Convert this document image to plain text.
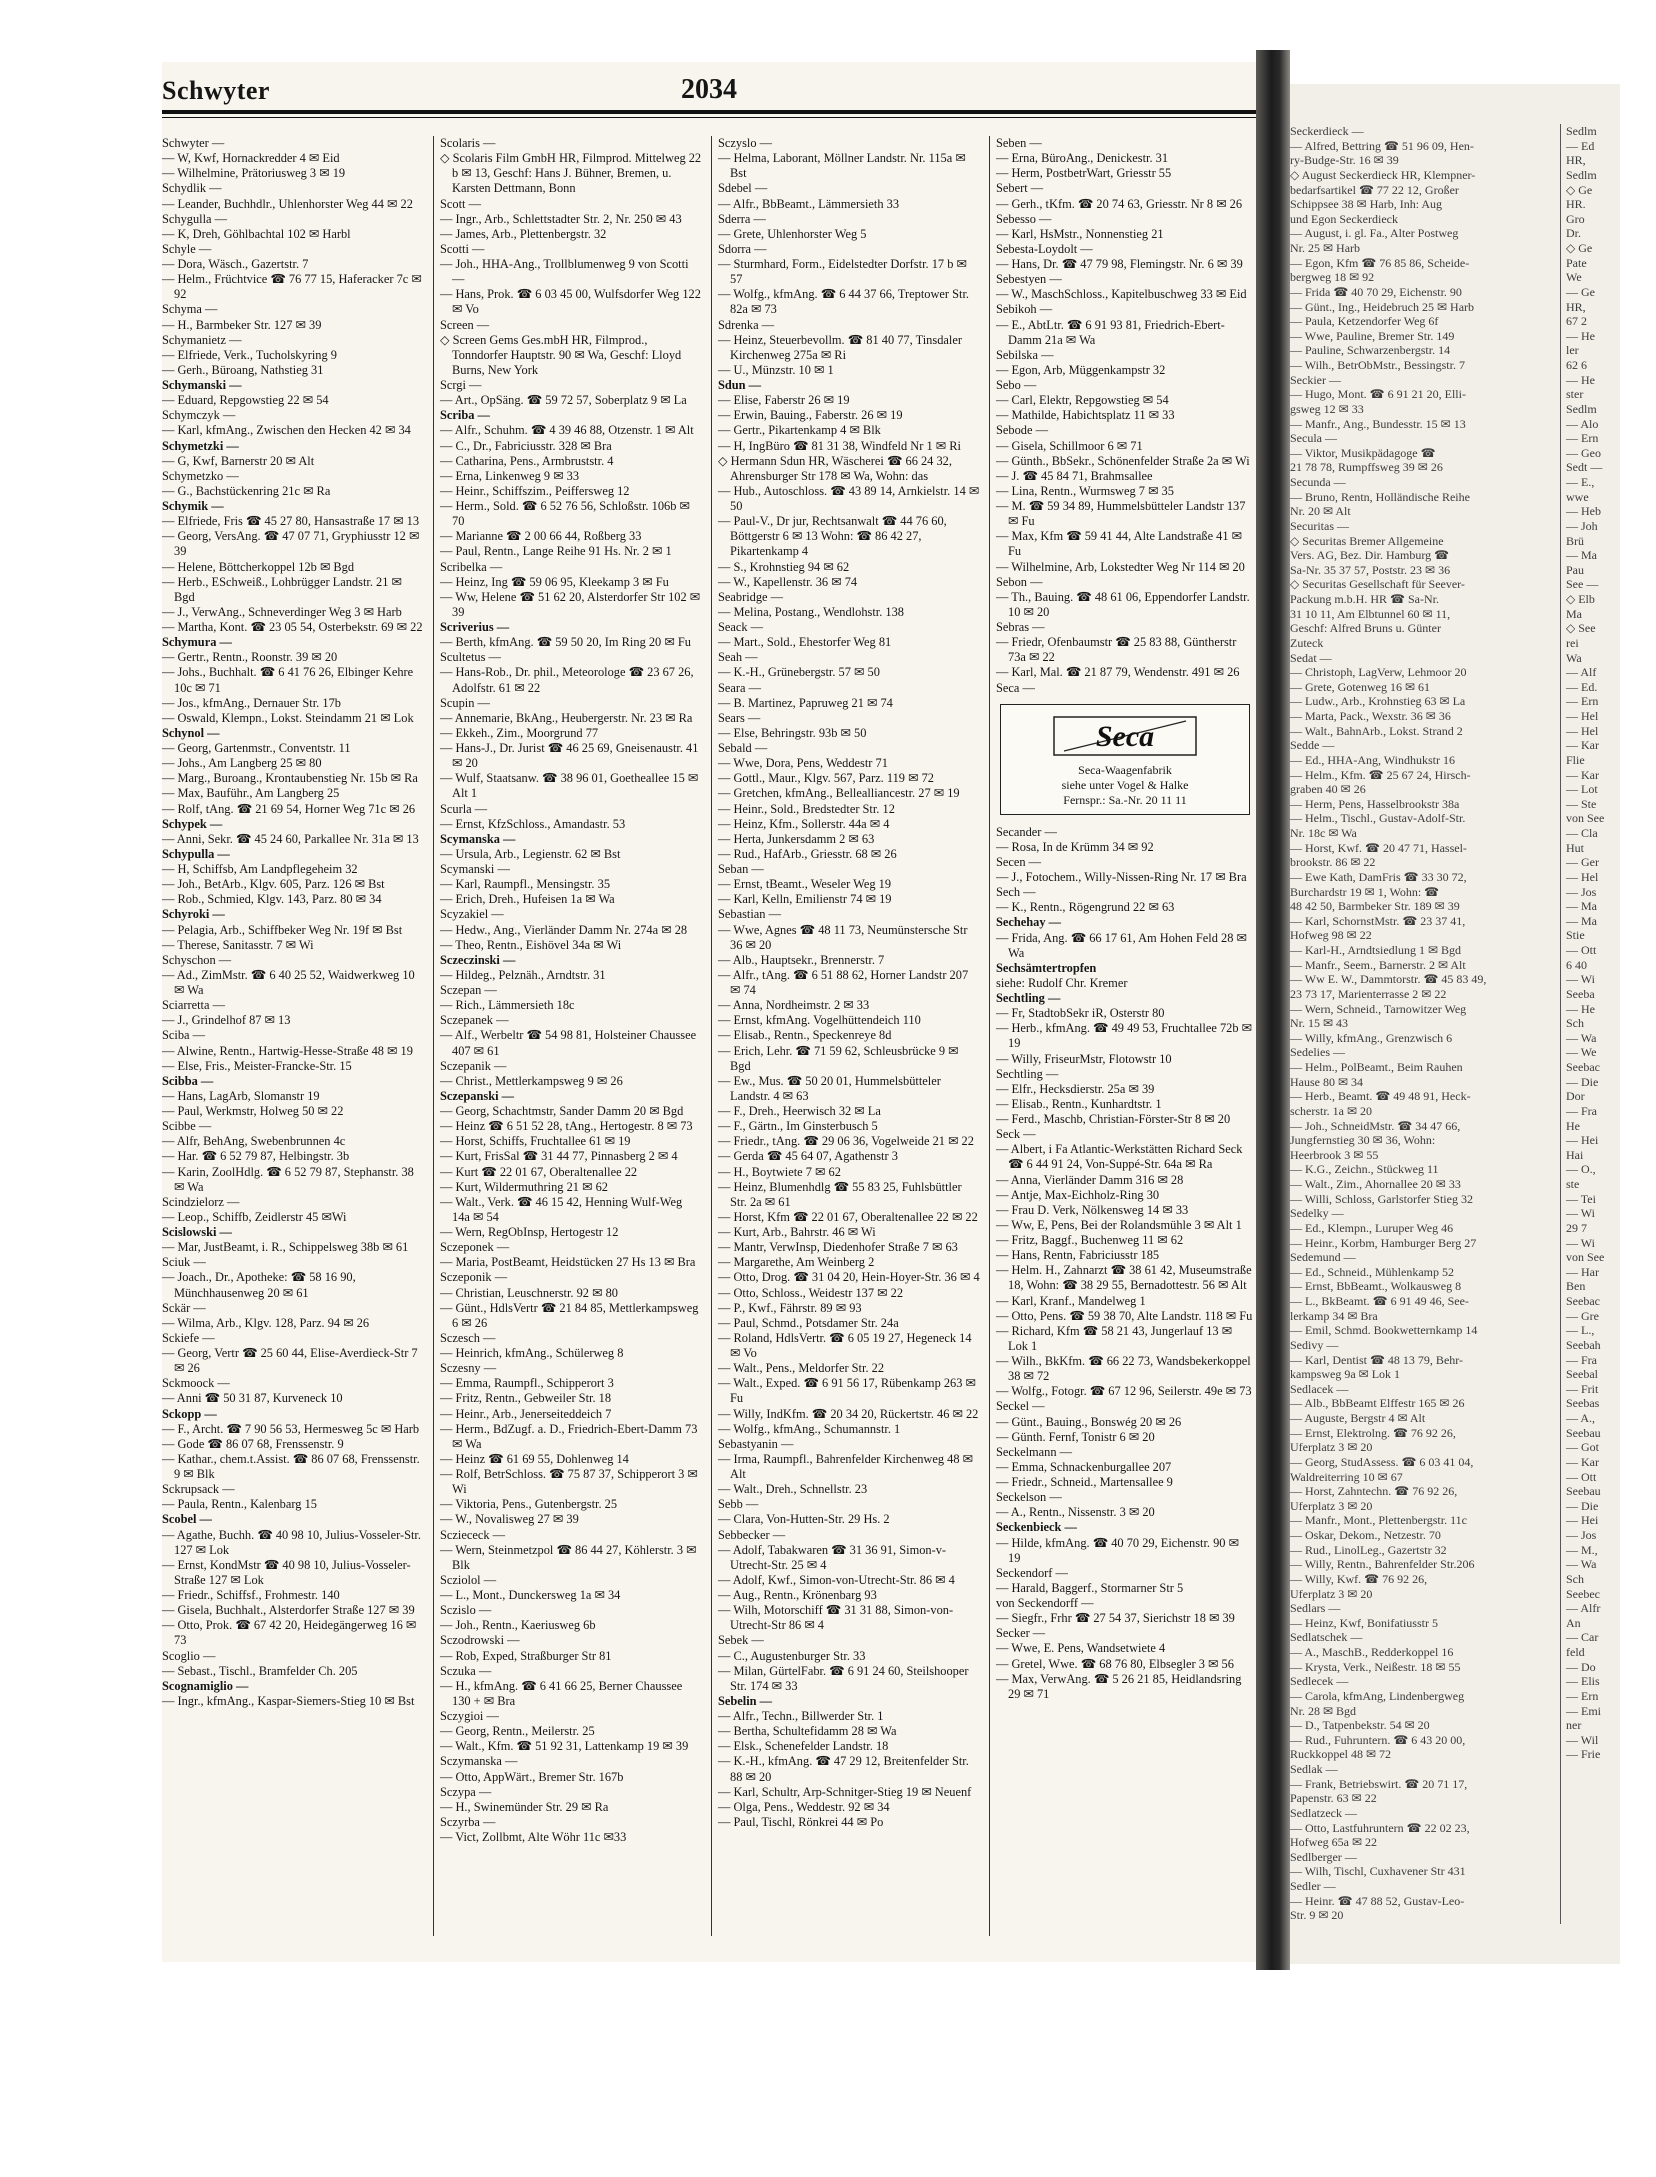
Schwyter	2034
Schwyter —
— W, Kwf, Hornackredder 4 ✉ Eid
— Wilhelmine, Prätoriusweg 3 ✉ 19
Schydlik —
— Leander, Buchhdlr., Uhlenhorster Weg 44 ✉ 22
Schygulla —
— K, Dreh, Göhlbachtal 102 ✉ Harbl
Schyle —
— Dora, Wäsch., Gazertstr. 7
— Helm., Früchtvice ☎ 76 77 15, Haferacker 7c ✉ 92
Schyma —
— H., Barmbeker Str. 127 ✉ 39
Schymanietz —
— Elfriede, Verk., Tucholskyring 9
— Gerh., Büroang, Nathstieg 31
Schymanski —
— Eduard, Repgowstieg 22 ✉ 54
Schymczyk —
— Karl, kfmAng., Zwischen den Hecken 42 ✉ 34
Schymetzki —
— G, Kwf, Barnerstr 20 ✉ Alt
Schymetzko —
— G., Bachstückenring 21c ✉ Ra
Schymik —
— Elfriede, Fris ☎ 45 27 80, Hansastraße 17 ✉ 13
— Georg, VersAng. ☎ 47 07 71, Gryphiusstr 12 ✉ 39
— Helene, Böttcherkoppel 12b ✉ Bgd
— Herb., ESchweiß., Lohbrügger Landstr. 21 ✉ Bgd
— J., VerwAng., Schneverdinger Weg 3 ✉ Harb
— Martha, Kont. ☎ 23 05 54, Osterbekstr. 69 ✉ 22
Schymura —
— Gertr., Rentn., Roonstr. 39 ✉ 20
— Johs., Buchhalt. ☎ 6 41 76 26, Elbinger Kehre 10c ✉ 71
— Jos., kfmAng., Dernauer Str. 17b
— Oswald, Klempn., Lokst. Steindamm 21 ✉ Lok
Schynol —
— Georg, Gartenmstr., Conventstr. 11
— Johs., Am Langberg 25 ✉ 80
— Marg., Buroang., Krontaubenstieg Nr. 15b ✉ Ra
— Max, Bauführ., Am Langberg 25
— Rolf, tAng. ☎ 21 69 54, Horner Weg 71c ✉ 26
Schypek —
— Anni, Sekr. ☎ 45 24 60, Parkallee Nr. 31a ✉ 13
Schypulla —
— H, Schiffsb, Am Landpflegeheim 32
— Joh., BetArb., Klgv. 605, Parz. 126 ✉ Bst
— Rob., Schmied, Klgv. 143, Parz. 80 ✉ 34
Schyroki —
— Pelagia, Arb., Schiffbeker Weg Nr. 19f ✉ Bst
— Therese, Sanitasstr. 7 ✉ Wi
Schyschon —
— Ad., ZimMstr. ☎ 6 40 25 52, Waidwerkweg 10 ✉ Wa
Sciarretta —
— J., Grindelhof 87 ✉ 13
Sciba —
— Alwine, Rentn., Hartwig-Hesse-Straße 48 ✉ 19
— Else, Fris., Meister-Francke-Str. 15
Scibba —
— Hans, LagArb, Slomanstr 19
— Paul, Werkmstr, Holweg 50 ✉ 22
Scibbe —
— Alfr, BehAng, Swebenbrunnen 4c
— Har. ☎ 6 52 79 87, Helbingstr. 3b
— Karin, ZoolHdlg. ☎ 6 52 79 87, Stephanstr. 38 ✉ Wa
Scindzielorz —
— Leop., Schiffb, Zeidlerstr 45 ✉Wi
Scislowski —
— Mar, JustBeamt, i. R., Schippelsweg 38b ✉ 61
Sciuk —
— Joach., Dr., Apotheke: ☎ 58 16 90, Münchhausenweg 20 ✉ 61
Sckär —
— Wilma, Arb., Klgv. 128, Parz. 94 ✉ 26
Sckiefe —
— Georg, Vertr ☎ 25 60 44, Elise-Averdieck-Str 7 ✉ 26
Sckmoock —
— Anni ☎ 50 31 87, Kurveneck 10
Sckopp —
— F., Archt. ☎ 7 90 56 53, Hermesweg 5c ✉ Harb
— Gode ☎ 86 07 68, Frenssenstr. 9
— Kathar., chem.t.Assist. ☎ 86 07 68, Frenssenstr. 9 ✉ Blk
Sckrupsack —
— Paula, Rentn., Kalenbarg 15
Scobel —
— Agathe, Buchh. ☎ 40 98 10, Julius-Vosseler-Str. 127 ✉ Lok
— Ernst, KondMstr ☎ 40 98 10, Julius-Vosseler-Straße 127 ✉ Lok
— Friedr., Schiffsf., Frohmestr. 140
— Gisela, Buchhalt., Alsterdorfer Straße 127 ✉ 39
— Otto, Prok. ☎ 67 42 20, Heidegängerweg 16 ✉ 73
Scoglio —
— Sebast., Tischl., Bramfelder Ch. 205
Scognamiglio —
— Ingr., kfmAng., Kaspar-Siemers-Stieg 10 ✉ Bst
Scolaris —
◇ Scolaris Film GmbH HR, Filmprod. Mittelweg 22 b ✉ 13, Geschf: Hans J. Bühner, Bremen, u. Karsten Dettmann, Bonn
Scott —
— Ingr., Arb., Schlettstadter Str. 2, Nr. 250 ✉ 43
— James, Arb., Plettenbergstr. 32
Scotti —
— Joh., HHA-Ang., Trollblumenweg 9 von Scotti —
— Hans, Prok. ☎ 6 03 45 00, Wulfsdorfer Weg 122 ✉ Vo
Screen —
◇ Screen Gems Ges.mbH HR, Filmprod., Tonndorfer Hauptstr. 90 ✉ Wa, Geschf: Lloyd Burns, New York
Scrgi —
— Art., OpSäng. ☎ 59 72 57, Soberplatz 9 ✉ La
Scriba —
— Alfr., Schuhm. ☎ 4 39 46 88, Otzenstr. 1 ✉ Alt
— C., Dr., Fabriciusstr. 328 ✉ Bra
— Catharina, Pens., Armbruststr. 4
— Erna, Linkenweg 9 ✉ 33
— Heinr., Schiffszim., Peiffersweg 12
— Herm., Sold. ☎ 6 52 76 56, Schloßstr. 106b ✉ 70
— Marianne ☎ 2 00 66 44, Roßberg 33
— Paul, Rentn., Lange Reihe 91 Hs. Nr. 2 ✉ 1
Scribelka —
— Heinz, Ing ☎ 59 06 95, Kleekamp 3 ✉ Fu
— Ww, Helene ☎ 51 62 20, Alsterdorfer Str 102 ✉ 39
Scriverius —
— Berth, kfmAng. ☎ 59 50 20, Im Ring 20 ✉ Fu
Scultetus —
— Hans-Rob., Dr. phil., Meteorologe ☎ 23 67 26, Adolfstr. 61 ✉ 22
Scupin —
— Annemarie, BkAng., Heubergerstr. Nr. 23 ✉ Ra
— Ekkeh., Zim., Moorgrund 77
— Hans-J., Dr. Jurist ☎ 46 25 69, Gneisenaustr. 41 ✉ 20
— Wulf, Staatsanw. ☎ 38 96 01, Goetheallee 15 ✉ Alt 1
Scurla —
— Ernst, KfzSchloss., Amandastr. 53
Scymanska —
— Ursula, Arb., Legienstr. 62 ✉ Bst
Scymanski —
— Karl, Raumpfl., Mensingstr. 35
— Erich, Dreh., Hufeisen 1a ✉ Wa
Scyzakiel —
— Hedw., Ang., Vierländer Damm Nr. 274a ✉ 28
— Theo, Rentn., Eishövel 34a ✉ Wi
Sczeczinski —
— Hildeg., Pelznäh., Arndtstr. 31
Sczepan —
— Rich., Lämmersieth 18c
Sczepanek —
— Alf., Werbeltr ☎ 54 98 81, Holsteiner Chaussee 407 ✉ 61
Sczepanik —
— Christ., Mettlerkampsweg 9 ✉ 26
Sczepanski —
— Georg, Schachtmstr, Sander Damm 20 ✉ Bgd
— Heinz ☎ 6 51 52 28, tAng., Hertogestr. 8 ✉ 73
— Horst, Schiffs, Fruchtallee 61 ✉ 19
— Kurt, FrisSal ☎ 31 44 77, Pinnasberg 2 ✉ 4
— Kurt ☎ 22 01 67, Oberaltenallee 22
— Kurt, Wildermuthring 21 ✉ 62
— Walt., Verk. ☎ 46 15 42, Henning Wulf-Weg 14a ✉ 54
— Wern, RegObInsp, Hertogestr 12
Sczeponek —
— Maria, PostBeamt, Heidstücken 27 Hs 13 ✉ Bra
Sczeponik —
— Christian, Leuschnerstr. 92 ✉ 80
— Günt., HdlsVertr ☎ 21 84 85, Mettlerkampsweg 6 ✉ 26
Sczesch —
— Heinrich, kfmAng., Schülerweg 8
Sczesny —
— Emma, Raumpfl., Schipperort 3
— Fritz, Rentn., Gebweiler Str. 18
— Heinr., Arb., Jenerseiteddeich 7
— Herm., BdZugf. a. D., Friedrich-Ebert-Damm 73 ✉ Wa
— Heinz ☎ 61 69 55, Dohlenweg 14
— Rolf, BetrSchloss. ☎ 75 87 37, Schipperort 3 ✉ Wi
— Viktoria, Pens., Gutenbergstr. 25
— W., Novalisweg 27 ✉ 39
Scziececk —
— Wern, Steinmetzpol ☎ 86 44 27, Köhlerstr. 3 ✉ Blk
Scziolol —
— L., Mont., Dunckersweg 1a ✉ 34
Sczislo —
— Joh., Rentn., Kaeriusweg 6b
Sczodrowski —
— Rob, Exped, Straßburger Str 81
Sczuka —
— H., kfmAng. ☎ 6 41 66 25, Berner Chaussee 130 + ✉ Bra
Sczygioi —
— Georg, Rentn., Meilerstr. 25
— Walt., Kfm. ☎ 51 92 31, Lattenkamp 19 ✉ 39
Sczymanska —
— Otto, AppWärt., Bremer Str. 167b
Sczypa —
— H., Swinemünder Str. 29 ✉ Ra
Sczyrba —
— Vict, Zollbmt, Alte Wöhr 11c ✉33
Sczyslo —
— Helma, Laborant, Möllner Landstr. Nr. 115a ✉ Bst
Sdebel —
— Alfr., BbBeamt., Lämmersieth 33
Sderra —
— Grete, Uhlenhorster Weg 5
Sdorra —
— Sturmhard, Form., Eidelstedter Dorfstr. 17 b ✉ 57
— Wolfg., kfmAng. ☎ 6 44 37 66, Treptower Str. 82a ✉ 73
Sdrenka —
— Heinz, Steuerbevollm. ☎ 81 40 77, Tinsdaler Kirchenweg 275a ✉ Ri
— U., Münzstr. 10 ✉ 1
Sdun —
— Elise, Faberstr 26 ✉ 19
— Erwin, Bauing., Faberstr. 26 ✉ 19
— Gertr., Pikartenkamp 4 ✉ Blk
— H, IngBüro ☎ 81 31 38, Windfeld Nr 1 ✉ Ri
◇ Hermann Sdun HR, Wäscherei ☎ 66 24 32, Ahrensburger Str 178 ✉ Wa, Wohn: das
— Hub., Autoschloss. ☎ 43 89 14, Arnkielstr. 14 ✉ 50
— Paul-V., Dr jur, Rechtsanwalt ☎ 44 76 60, Böttgerstr 6 ✉ 13 Wohn: ☎ 86 42 27, Pikartenkamp 4
— S., Krohnstieg 94 ✉ 62
— W., Kapellenstr. 36 ✉ 74
Seabridge —
— Melina, Postang., Wendlohstr. 138
Seack —
— Mart., Sold., Ehestorfer Weg 81
Seah —
— K.-H., Grünebergstr. 57 ✉ 50
Seara —
— B. Martinez, Papruweg 21 ✉ 74
Sears —
— Else, Behringstr. 93b ✉ 50
Sebald —
— Wwe, Dora, Pens, Weddestr 71
— Gottl., Maur., Klgv. 567, Parz. 119 ✉ 72
— Gretchen, kfmAng., Bellealliancestr. 27 ✉ 19
— Heinr., Sold., Bredstedter Str. 12
— Heinz, Kfm., Sollerstr. 44a ✉ 4
— Herta, Junkersdamm 2 ✉ 63
— Rud., HafArb., Griesstr. 68 ✉ 26
Seban —
— Ernst, tBeamt., Weseler Weg 19
— Karl, Kelln, Emilienstr 74 ✉ 19
Sebastian —
— Wwe, Agnes ☎ 48 11 73, Neumünstersche Str 36 ✉ 20
— Alb., Hauptsekr., Brennerstr. 7
— Alfr., tAng. ☎ 6 51 88 62, Horner Landstr 207 ✉ 74
— Anna, Nordheimstr. 2 ✉ 33
— Ernst, kfmAng. Vogelhüttendeich 110
— Elisab., Rentn., Speckenreye 8d
— Erich, Lehr. ☎ 71 59 62, Schleusbrücke 9 ✉ Bgd
— Ew., Mus. ☎ 50 20 01, Hummelsbütteler Landstr. 4 ✉ 63
— F., Dreh., Heerwisch 32 ✉ La
— F., Gärtn., Im Ginsterbusch 5
— Friedr., tAng. ☎ 29 06 36, Vogelweide 21 ✉ 22
— Gerda ☎ 45 64 07, Agathenstr 3
— H., Boytwiete 7 ✉ 62
— Heinz, Blumenhdlg ☎ 55 83 25, Fuhlsbüttler Str. 2a ✉ 61
— Horst, Kfm ☎ 22 01 67, Oberaltenallee 22 ✉ 22
— Kurt, Arb., Bahrstr. 46 ✉ Wi
— Mantr, VerwInsp, Diedenhofer Straße 7 ✉ 63
— Margarethe, Am Weinberg 2
— Otto, Drog. ☎ 31 04 20, Hein-Hoyer-Str. 36 ✉ 4
— Otto, Schloss., Weidestr 137 ✉ 22
— P., Kwf., Fährstr. 89 ✉ 93
— Paul, Schmd., Potsdamer Str. 24a
— Roland, HdlsVertr. ☎ 6 05 19 27, Hegeneck 14 ✉ Vo
— Walt., Pens., Meldorfer Str. 22
— Walt., Exped. ☎ 6 91 56 17, Rübenkamp 263 ✉ Fu
— Willy, IndKfm. ☎ 20 34 20, Rückertstr. 46 ✉ 22
— Wolfg., kfmAng., Schumannstr. 1
Sebastyanin —
— Irma, Raumpfl., Bahrenfelder Kirchenweg 48 ✉ Alt
— Walt., Dreh., Schnellstr. 23
Sebb —
— Clara, Von-Hutten-Str. 29 Hs. 2
Sebbecker —
— Adolf, Tabakwaren ☎ 31 36 91, Simon-v-Utrecht-Str. 25 ✉ 4
— Adolf, Kwf., Simon-von-Utrecht-Str. 86 ✉ 4
— Aug., Rentn., Krönenbarg 93
— Wilh, Motorschiff ☎ 31 31 88, Simon-von-Utrecht-Str 86 ✉ 4
Sebek —
— C., Augustenburger Str. 33
— Milan, GürtelFabr. ☎ 6 91 24 60, Steilshooper Str. 174 ✉ 33
Sebelin —
— Alfr., Techn., Billwerder Str. 1
— Bertha, Schultefidamm 28 ✉ Wa
— Elsk., Schenefelder Landstr. 18
— K.-H., kfmAng. ☎ 47 29 12, Breitenfelder Str. 88 ✉ 20
— Karl, Schultr, Arp-Schnitger-Stieg 19 ✉ Neuenf
— Olga, Pens., Weddestr. 92 ✉ 34
— Paul, Tischl, Rönkrei 44 ✉ Po
Seben —
— Erna, BüroAng., Denickestr. 31
— Herm, PostbetrWart, Griesstr 55
Sebert —
— Gerh., tKfm. ☎ 20 74 63, Griesstr. Nr 8 ✉ 26
Sebesso —
— Karl, HsMstr., Nonnenstieg 21
Sebesta-Loydolt —
— Hans, Dr. ☎ 47 79 98, Flemingstr. Nr. 6 ✉ 39
Sebestyen —
— W., MaschSchloss., Kapitelbuschweg 33 ✉ Eid
Sebikoh —
— E., AbtLtr. ☎ 6 91 93 81, Friedrich-Ebert-Damm 21a ✉ Wa
Sebilska —
— Egon, Arb, Müggenkampstr 32
Sebo —
— Carl, Elektr, Repgowstieg ✉ 54
— Mathilde, Habichtsplatz 11 ✉ 33
Sebode —
— Gisela, Schillmoor 6 ✉ 71
— Günth., BbSekr., Schönenfelder Straße 2a ✉ Wi
— J. ☎ 45 84 71, Brahmsallee
— Lina, Rentn., Wurmsweg 7 ✉ 35
— M. ☎ 59 34 89, Hummelsbütteler Landstr 137 ✉ Fu
— Max, Kfm ☎ 59 41 44, Alte Landstraße 41 ✉ Fu
— Wilhelmine, Arb, Lokstedter Weg Nr 114 ✉ 20
Sebon —
— Th., Bauing. ☎ 48 61 06, Eppendorfer Landstr. 10 ✉ 20
Sebras —
— Friedr, Ofenbaumstr ☎ 25 83 88, Güntherstr 73a ✉ 22
— Karl, Mal. ☎ 21 87 79, Wendenstr. 491 ✉ 26
Seca —
Seca
Seca-Waagenfabrik
siehe unter Vogel & Halke
Fernspr.: Sa.-Nr. 20 11 11
Secander —
— Rosa, In de Krümm 34 ✉ 92
Secen —
— J., Fotochem., Willy-Nissen-Ring Nr. 17 ✉ Bra
Sech —
— K., Rentn., Rögengrund 22 ✉ 63
Sechehay —
— Frida, Ang. ☎ 66 17 61, Am Hohen Feld 28 ✉ Wa
Sechsämtertropfen
siehe: Rudolf Chr. Kremer
Sechtling —
— Fr, StadtobSekr iR, Osterstr 80
— Herb., kfmAng. ☎ 49 49 53, Fruchtallee 72b ✉ 19
— Willy, FriseurMstr, Flotowstr 10
Sechtling —
— Elfr., Hecksdierstr. 25a ✉ 39
— Elisab., Rentn., Kunhardtstr. 1
— Ferd., Maschb, Christian-Förster-Str 8 ✉ 20
Seck —
— Albert, i Fa Atlantic-Werkstätten Richard Seck ☎ 6 44 91 24, Von-Suppé-Str. 64a ✉ Ra
— Anna, Vierländer Damm 316 ✉ 28
— Antje, Max-Eichholz-Ring 30
— Frau D. Verk, Nölkensweg 14 ✉ 33
— Ww, E, Pens, Bei der Rolandsmühle 3 ✉ Alt 1
— Fritz, Baggf., Buchenweg 11 ✉ 62
— Hans, Rentn, Fabriciusstr 185
— Helm. H., Zahnarzt ☎ 38 61 42, Museumstraße 18, Wohn: ☎ 38 29 55, Bernadottestr. 56 ✉ Alt
— Karl, Kranf., Mandelweg 1
— Otto, Pens. ☎ 59 38 70, Alte Landstr. 118 ✉ Fu
— Richard, Kfm ☎ 58 21 43, Jungerlauf 13 ✉ Lok 1
— Wilh., BkKfm. ☎ 66 22 73, Wandsbekerkoppel 38 ✉ 72
— Wolfg., Fotogr. ☎ 67 12 96, Seilerstr. 49e ✉ 73
Seckel —
— Günt., Bauing., Bonswég 20 ✉ 26
— Günth. Fernf, Tonistr 6 ✉ 20
Seckelmann —
— Emma, Schnackenburgallee 207
— Friedr., Schneid., Martensallee 9
Seckelson —
— A., Rentn., Nissenstr. 3 ✉ 20
Seckenbieck —
— Hilde, kfmAng. ☎ 40 70 29, Eichenstr. 90 ✉ 19
Seckendorf —
— Harald, Baggerf., Stormarner Str 5
von Seckendorff —
— Siegfr., Frhr ☎ 27 54 37, Sierichstr 18 ✉ 39
Secker —
— Wwe, E. Pens, Wandsetwiete 4
— Gretel, Wwe. ☎ 68 76 80, Elbsegler 3 ✉ 56
— Max, VerwAng. ☎ 5 26 21 85, Heidlandsring 29 ✉ 71
Seckerdieck —
— Alfred, Bettring ☎ 51 96 09, Hen-
ry-Budge-Str. 16 ✉ 39
◇ August Seckerdieck HR, Klempner-
bedarfsartikel ☎ 77 22 12, Großer
Schippsee 38 ✉ Harb, Inh: Aug
und Egon Seckerdieck
— August, i. gl. Fa., Alter Postweg
Nr. 25 ✉ Harb
— Egon, Kfm ☎ 76 85 86, Scheide-
bergweg 18 ✉ 92
— Frida ☎ 40 70 29, Eichenstr. 90
— Günt., Ing., Heidebruch 25 ✉ Harb
— Paula, Ketzendorfer Weg 6f
— Wwe, Pauline, Bremer Str. 149
— Pauline, Schwarzenbergstr. 14
— Wilh., BetrObMstr., Bessingstr. 7
Seckier —
— Hugo, Mont. ☎ 6 91 21 20, Elli-
gsweg 12 ✉ 33
— Manfr., Ang., Bundesstr. 15 ✉ 13
Secula —
— Viktor, Musikpädagoge ☎
21 78 78, Rumpffsweg 39 ✉ 26
Secunda —
— Bruno, Rentn, Holländische Reihe
Nr. 20 ✉ Alt
Securitas —
◇ Securitas Bremer Allgemeine
Vers. AG, Bez. Dir. Hamburg ☎
Sa-Nr. 35 37 57, Poststr. 23 ✉ 36
◇ Securitas Gesellschaft für Seever-
Packung m.b.H. HR ☎ Sa-Nr.
31 10 11, Am Elbtunnel 60 ✉ 11,
Geschf: Alfred Bruns u. Günter
Zuteck
Sedat —
— Christoph, LagVerw, Lehmoor 20
— Grete, Gotenweg 16 ✉ 61
— Ludw., Arb., Krohnstieg 63 ✉ La
— Marta, Pack., Wexstr. 36 ✉ 36
— Walt., BahnArb., Lokst. Strand 2
Sedde —
— Ed., HHA-Ang, Windhukstr 16
— Helm., Kfm. ☎ 25 67 24, Hirsch-
graben 40 ✉ 26
— Herm, Pens, Hasselbrookstr 38a
— Helm., Tischl., Gustav-Adolf-Str.
Nr. 18c ✉ Wa
— Horst, Kwf. ☎ 20 47 71, Hassel-
brookstr. 86 ✉ 22
— Ewe Kath, DamFris ☎ 33 30 72,
Burchardstr 19 ✉ 1, Wohn: ☎
48 42 50, Barmbeker Str. 189 ✉ 39
— Karl, SchornstMstr. ☎ 23 37 41,
Hofweg 98 ✉ 22
— Karl-H., Arndtsiedlung 1 ✉ Bgd
— Manfr., Seem., Barnerstr. 2 ✉ Alt
— Ww E. W., Dammtorstr. ☎ 45 83 49,
23 73 17, Marienterrasse 2 ✉ 22
— Wern, Schneid., Tarnowitzer Weg
Nr. 15 ✉ 43
— Willy, kfmAng., Grenzwisch 6
Sedelies —
— Helm., PolBeamt., Beim Rauhen
Hause 80 ✉ 34
— Herb., Beamt. ☎ 49 48 91, Heck-
scherstr. 1a ✉ 20
— Joh., SchneidMstr. ☎ 34 47 66,
Jungfernstieg 30 ✉ 36, Wohn:
Heerbrook 3 ✉ 55
— K.G., Zeichn., Stückweg 11
— Walt., Zim., Ahornallee 20 ✉ 33
— Willi, Schloss, Garlstorfer Stieg 32
Sedelky —
— Ed., Klempn., Luruper Weg 46
— Heinr., Korbm, Hamburger Berg 27
Sedemund —
— Ed., Schneid., Mühlenkamp 52
— Ernst, BbBeamt., Wolkausweg 8
— L., BkBeamt. ☎ 6 91 49 46, See-
lerkamp 34 ✉ Bra
— Emil, Schmd. Bookwetternkamp 14
Sedivy —
— Karl, Dentist ☎ 48 13 79, Behr-
kampsweg 9a ✉ Lok 1
Sedlacek —
— Alb., BbBeamt Elffestr 165 ✉ 26
— Auguste, Bergstr 4 ✉ Alt
— Ernst, Elektrolng. ☎ 76 92 26,
Uferplatz 3 ✉ 20
— Georg, StudAssess. ☎ 6 03 41 04,
Waldreiterring 10 ✉ 67
— Horst, Zahntechn. ☎ 76 92 26,
Uferplatz 3 ✉ 20
— Manfr., Mont., Plettenbergstr. 11c
— Oskar, Dekom., Netzestr. 70
— Rud., LinolLeg., Gazertstr 32
— Willy, Rentn., Bahrenfelder Str.206
— Willy, Kwf. ☎ 76 92 26,
Uferplatz 3 ✉ 20
Sedlars —
— Heinz, Kwf, Bonifatiusstr 5
Sedlatschek —
— A., MaschB., Redderkoppel 16
— Krysta, Verk., Neißestr. 18 ✉ 55
Sedlecek —
— Carola, kfmAng, Lindenbergweg
Nr. 28 ✉ Bgd
— D., Tatpenbekstr. 54 ✉ 20
— Rud., Fuhruntern. ☎ 6 43 20 00,
Ruckkoppel 48 ✉ 72
Sedlak —
— Frank, Betriebswirt. ☎ 20 71 17,
Papenstr. 63 ✉ 22
Sedlatzeck —
— Otto, Lastfuhruntern ☎ 22 02 23,
Hofweg 65a ✉ 22
Sedlberger —
— Wilh, Tischl, Cuxhavener Str 431
Sedler —
— Heinr. ☎ 47 88 52, Gustav-Leo-
Str. 9 ✉ 20
Sedlm
— Ed
HR,
Sedlm
◇ Ge
HR.
Gro
Dr.
◇ Ge
Pate
We
— Ge
HR,
67 2
— He
ler
62 6
— He
ster
Sedlm
— Alo
— Ern
— Geo
Sedt —
— E.,
wwe
— Heb
— Joh
Brü
— Ma
Pau
See —
◇ Elb
Ma
◇ See
rei
Wa
— Alf
— Ed.
— Ern
— Hel
— Hel
— Kar
Flie
— Kar
— Lot
— Ste
von See
— Cla
Hut
— Ger
— Hel
— Jos
— Ma
— Ma
Stie
— Ott
6 40
— Wi
Seeba
— He
Sch
— Wa
— We
Seebac
— Die
Dor
— Fra
He
— Hei
Hai
— O.,
ste
— Tei
— Wi
29 7
— Wi
von See
— Har
Ben
Seebac
— Gre
— L.,
Seebah
— Fra
Seebal
— Frit
Seebas
— A.,
Seebau
— Got
— Kar
— Ott
Seebau
— Die
— Hei
— Jos
— M.,
— Wa
Sch
Seebec
— Alfr
An
— Car
feld
— Do
— Elis
— Ern
— Emi
ner
— Wil
— Frie
